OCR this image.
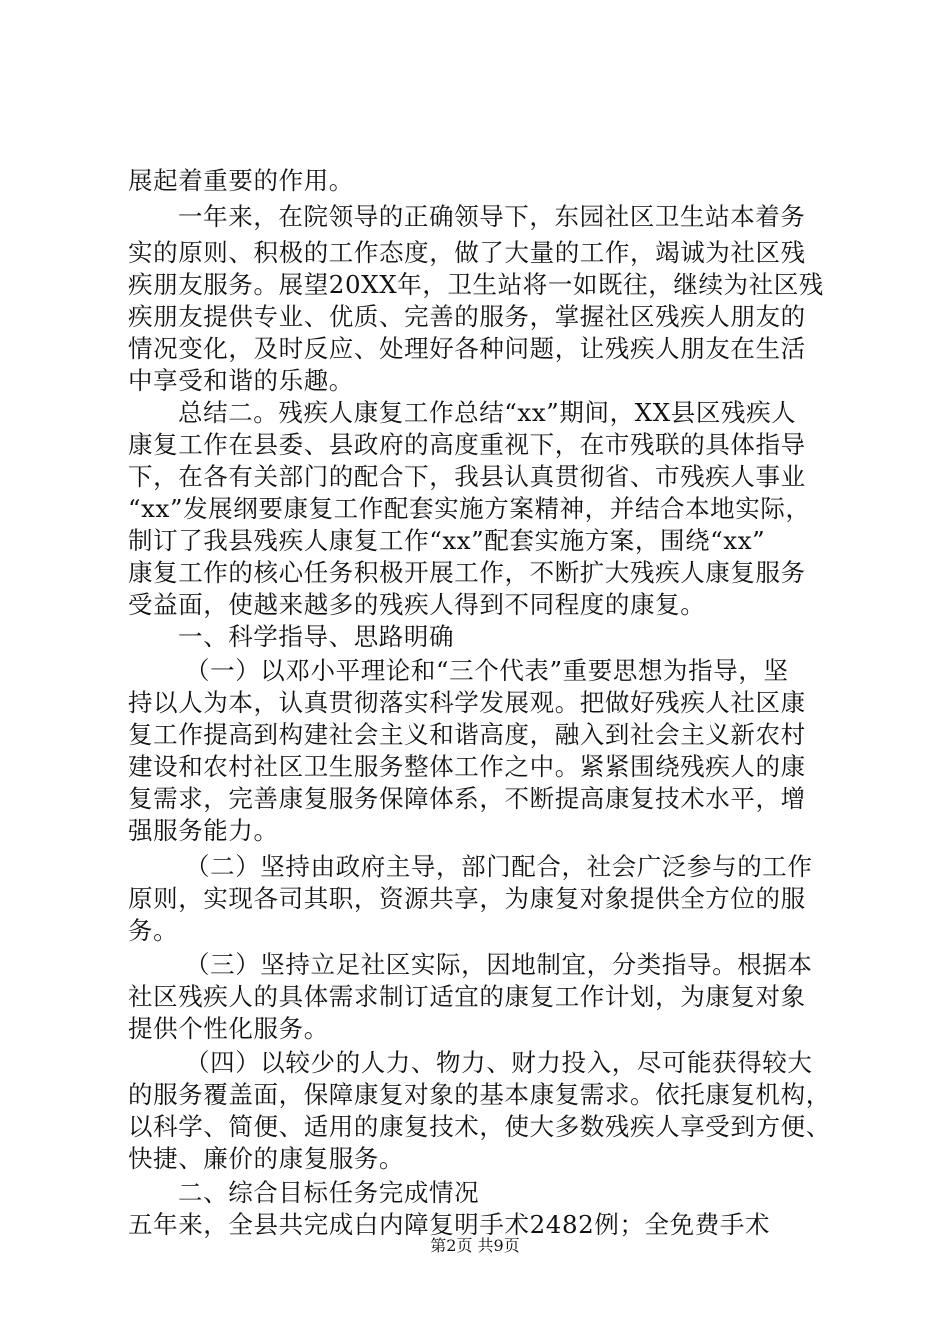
展起着重要的作用。
一年来，在院领导的正确领导下，东园社区卫生站本着务
实的原则、积极的工作态度，做了大量的工作，竭诚为社区残
疾朋友服务。展望20XX年，卫生站将一如既往，继续为社区残
疾朋友提供专业、优质、完善的服务，掌握社区残疾人朋友的
情况变化，及时反应、处理好各种问题，让残疾人朋友在生活
中享受和谐的乐趣。
总结二。残疾人康复工作总结“xx”期间，XX县区残疾人
康复工作在县委、县政府的高度重视下，在市残联的具体指导
下，在各有关部门的配合下，我县认真贯彻省、市残疾人事业
“xx”发展纲要康复工作配套实施方案精神，并结合本地实际，
制订了我县残疾人康复工作“xx”配套实施方案，围绕“xx”
康复工作的核心任务积极开展工作，不断扩大残疾人康复服务
受益面，使越来越多的残疾人得到不同程度的康复。
一、科学指导、思路明确
（一）以邓小平理论和“三个代表”重要思想为指导，坚
持以人为本，认真贯彻落实科学发展观。把做好残疾人社区康
复工作提高到构建社会主义和谐高度，融入到社会主义新农村
建设和农村社区卫生服务整体工作之中。紧紧围绕残疾人的康
复需求，完善康复服务保障体系，不断提高康复技术水平，增
强服务能力。
（二）坚持由政府主导，部门配合，社会广泛参与的工作
原则，实现各司其职，资源共享，为康复对象提供全方位的服
务。
（三）坚持立足社区实际，因地制宜，分类指导。根据本
社区残疾人的具体需求制订适宜的康复工作计划，为康复对象
提供个性化服务。
（四）以较少的人力、物力、财力投入，尽可能获得较大
的服务覆盖面，保障康复对象的基本康复需求。依托康复机构，
以科学、简便、适用的康复技术，使大多数残疾人享受到方便、
快捷、廉价的康复服务。
二、综合目标任务完成情况
五年来，全县共完成白内障复明手术2482例；全免费手术
第2页 共9页
